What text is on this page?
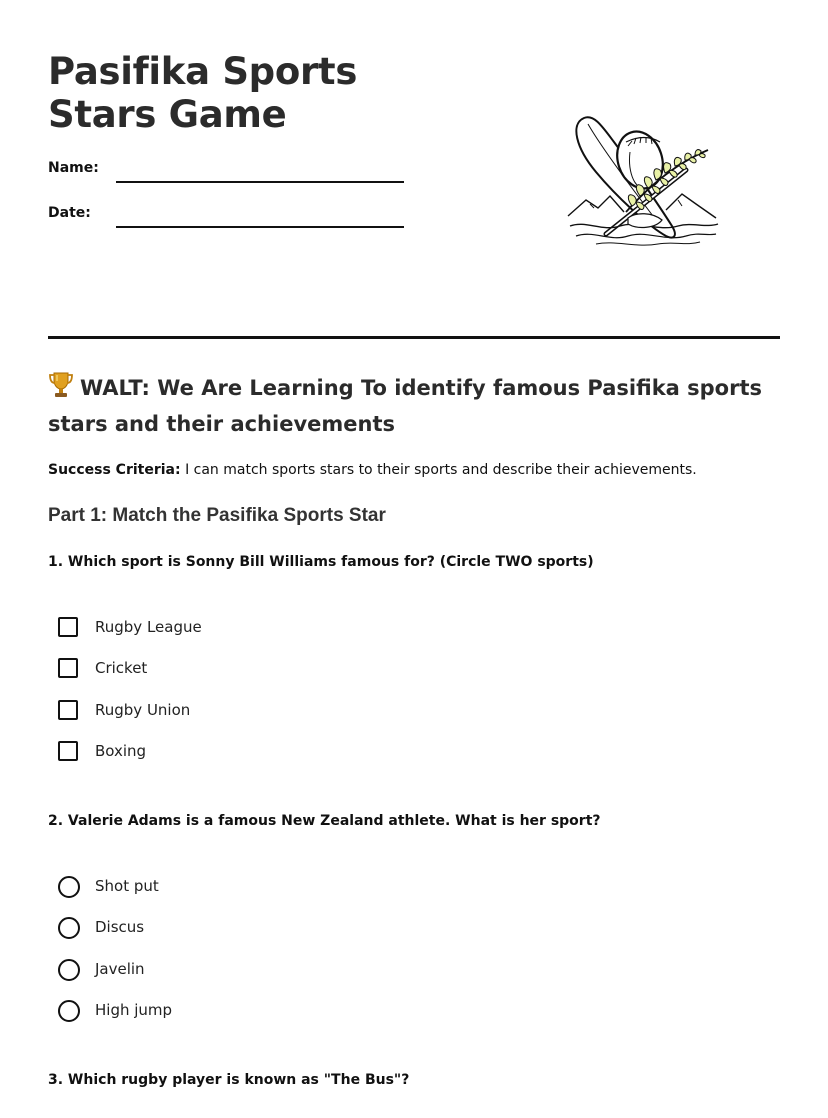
Pasifika Sports Stars Game
Name:
Date:
WALT: We Are Learning To identify famous Pasifika sports stars and their achievements
Success Criteria: I can match sports stars to their sports and describe their achievements.
Part 1: Match the Pasifika Sports Star
1. Which sport is Sonny Bill Williams famous for? (Circle TWO sports)
Rugby League
Cricket
Rugby Union
Boxing
2. Valerie Adams is a famous New Zealand athlete. What is her sport?
Shot put
Discus
Javelin
High jump
3. Which rugby player is known as "The Bus"?
